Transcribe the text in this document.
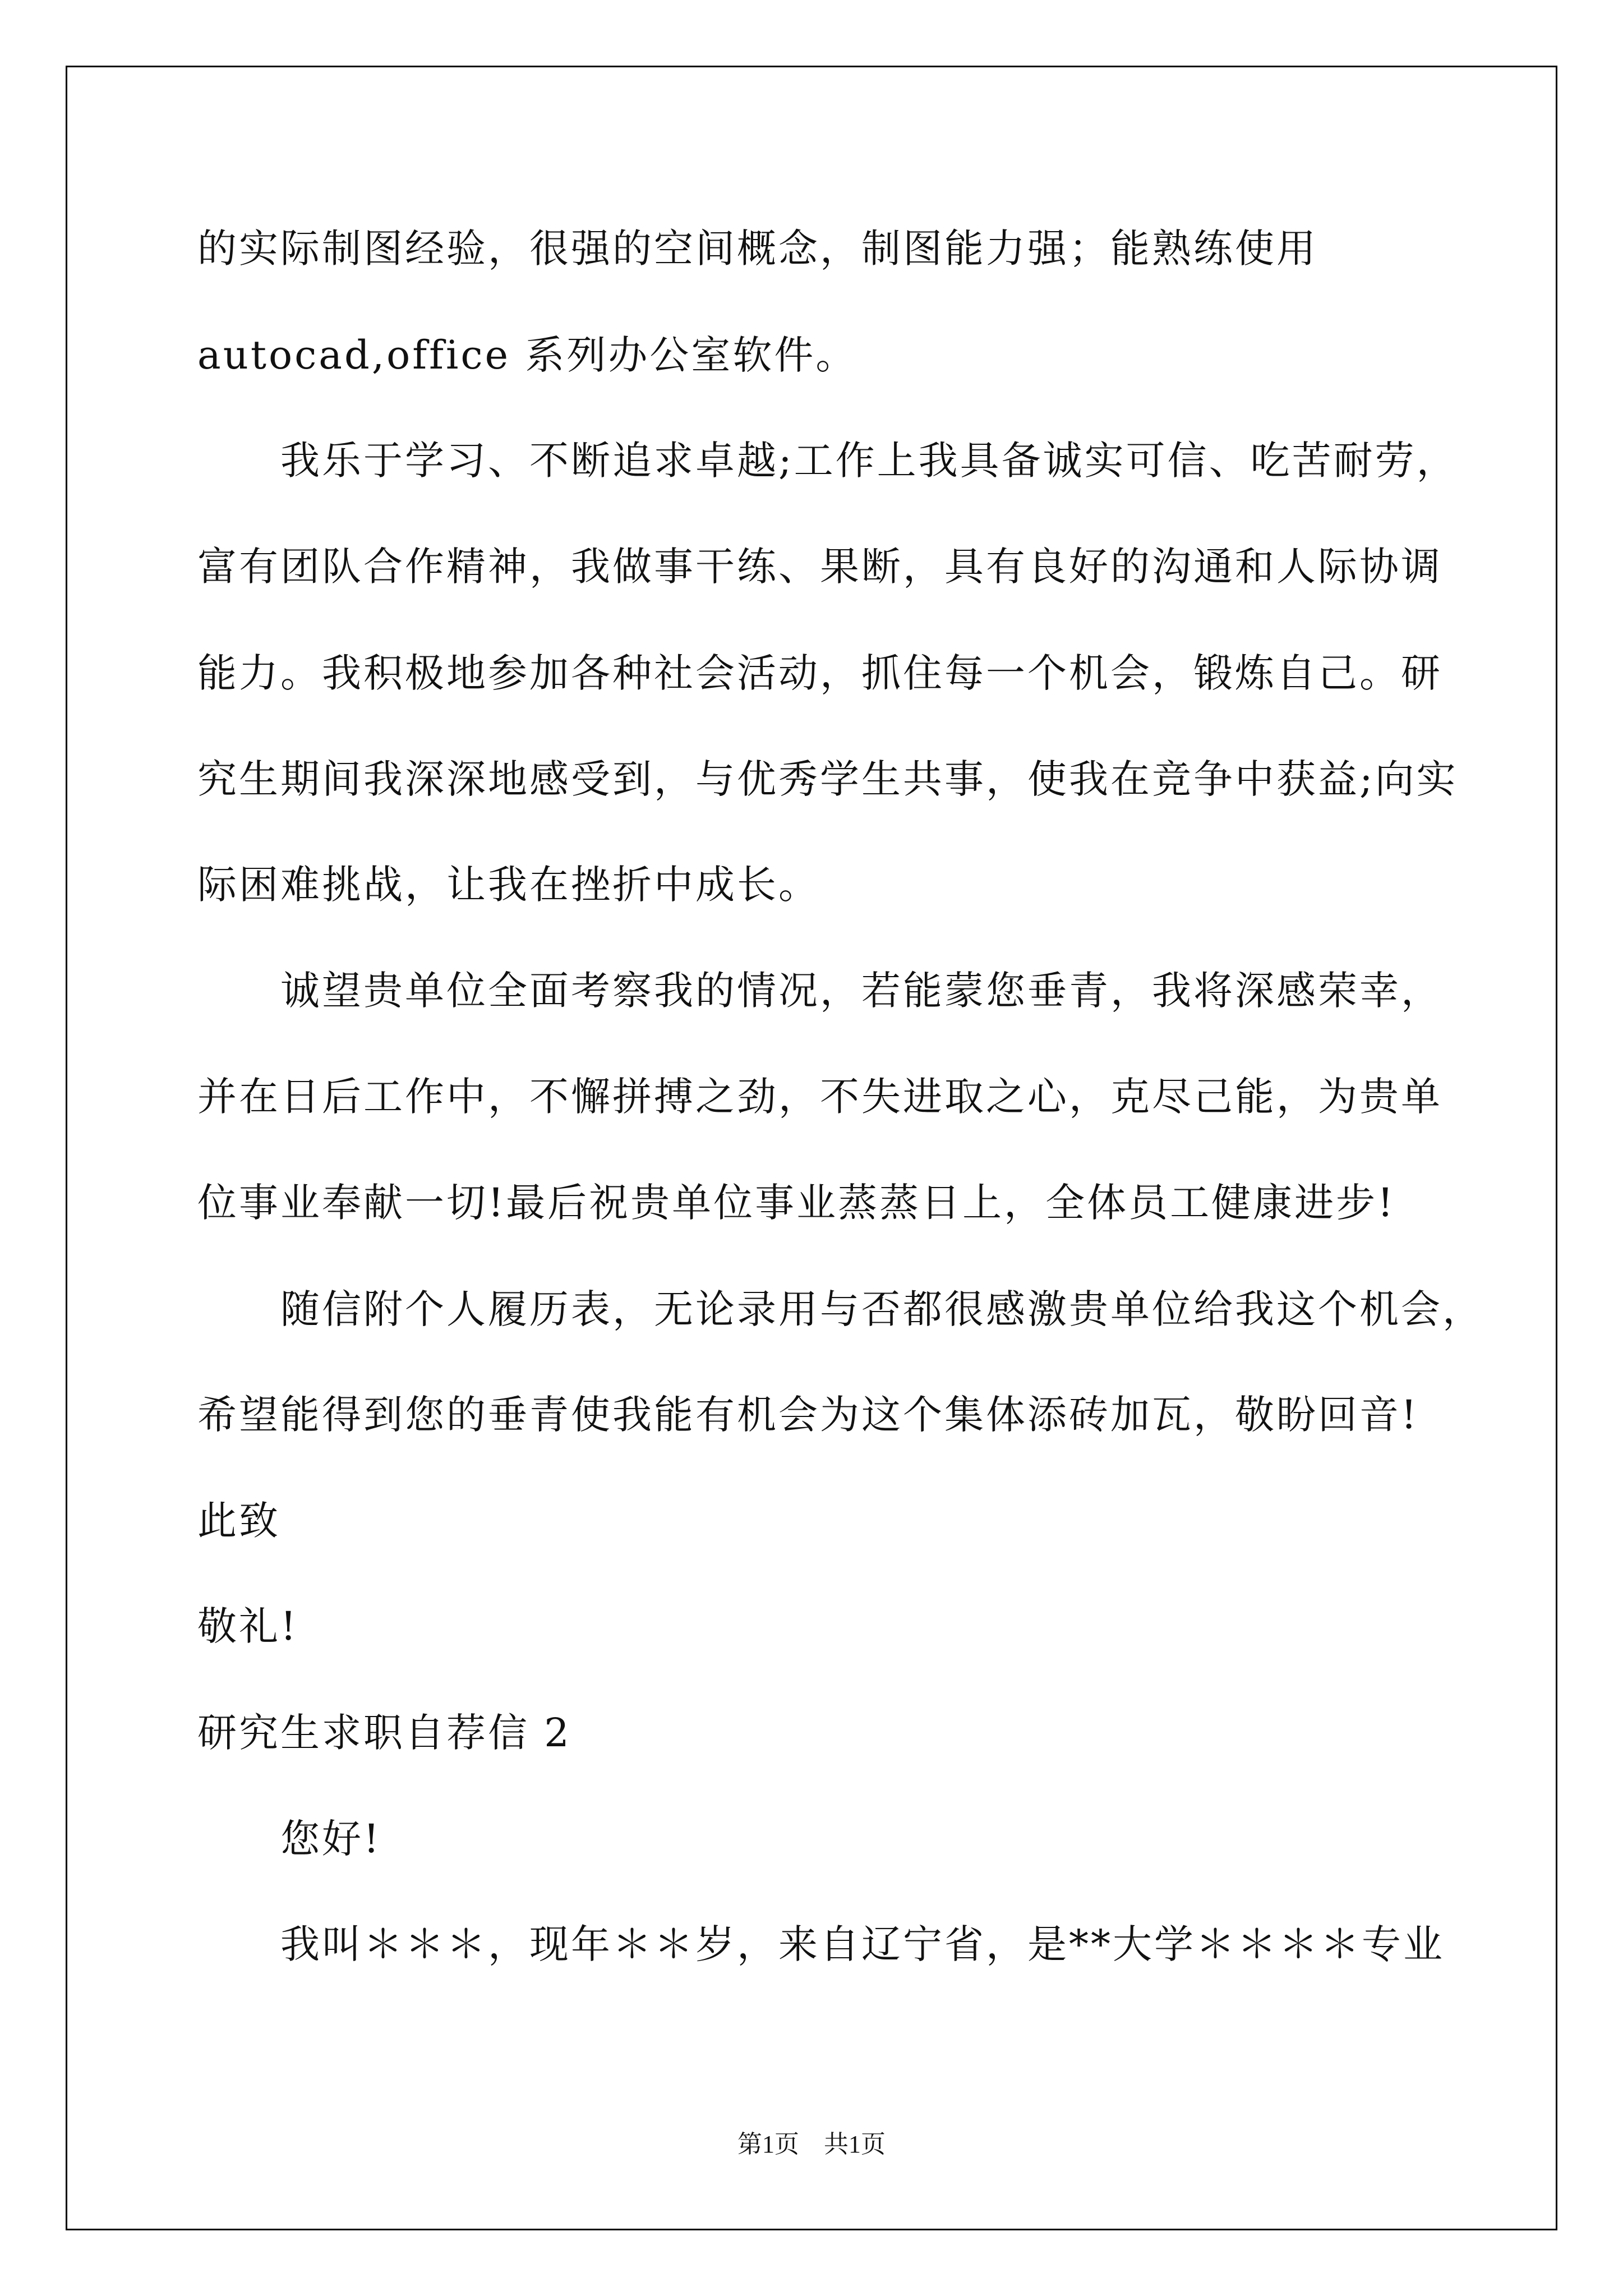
的实际制图经验，很强的空间概念，制图能力强；能熟练使用
autocad,office 系列办公室软件。
我乐于学习、不断追求卓越;工作上我具备诚实可信、吃苦耐劳，
富有团队合作精神，我做事干练、果断，具有良好的沟通和人际协调
能力。我积极地参加各种社会活动，抓住每一个机会，锻炼自己。研
究生期间我深深地感受到，与优秀学生共事，使我在竞争中获益;向实
际困难挑战，让我在挫折中成长。
诚望贵单位全面考察我的情况，若能蒙您垂青，我将深感荣幸，
并在日后工作中，不懈拼搏之劲，不失进取之心，克尽己能，为贵单
位事业奉献一切!最后祝贵单位事业蒸蒸日上，全体员工健康进步!
随信附个人履历表，无论录用与否都很感激贵单位给我这个机会，
希望能得到您的垂青使我能有机会为这个集体添砖加瓦，敬盼回音!
此致
敬礼!
研究生求职自荐信 2
您好!
我叫＊＊＊，现年＊＊岁，来自辽宁省，是**大学＊＊＊＊专业
第1页　共1页
